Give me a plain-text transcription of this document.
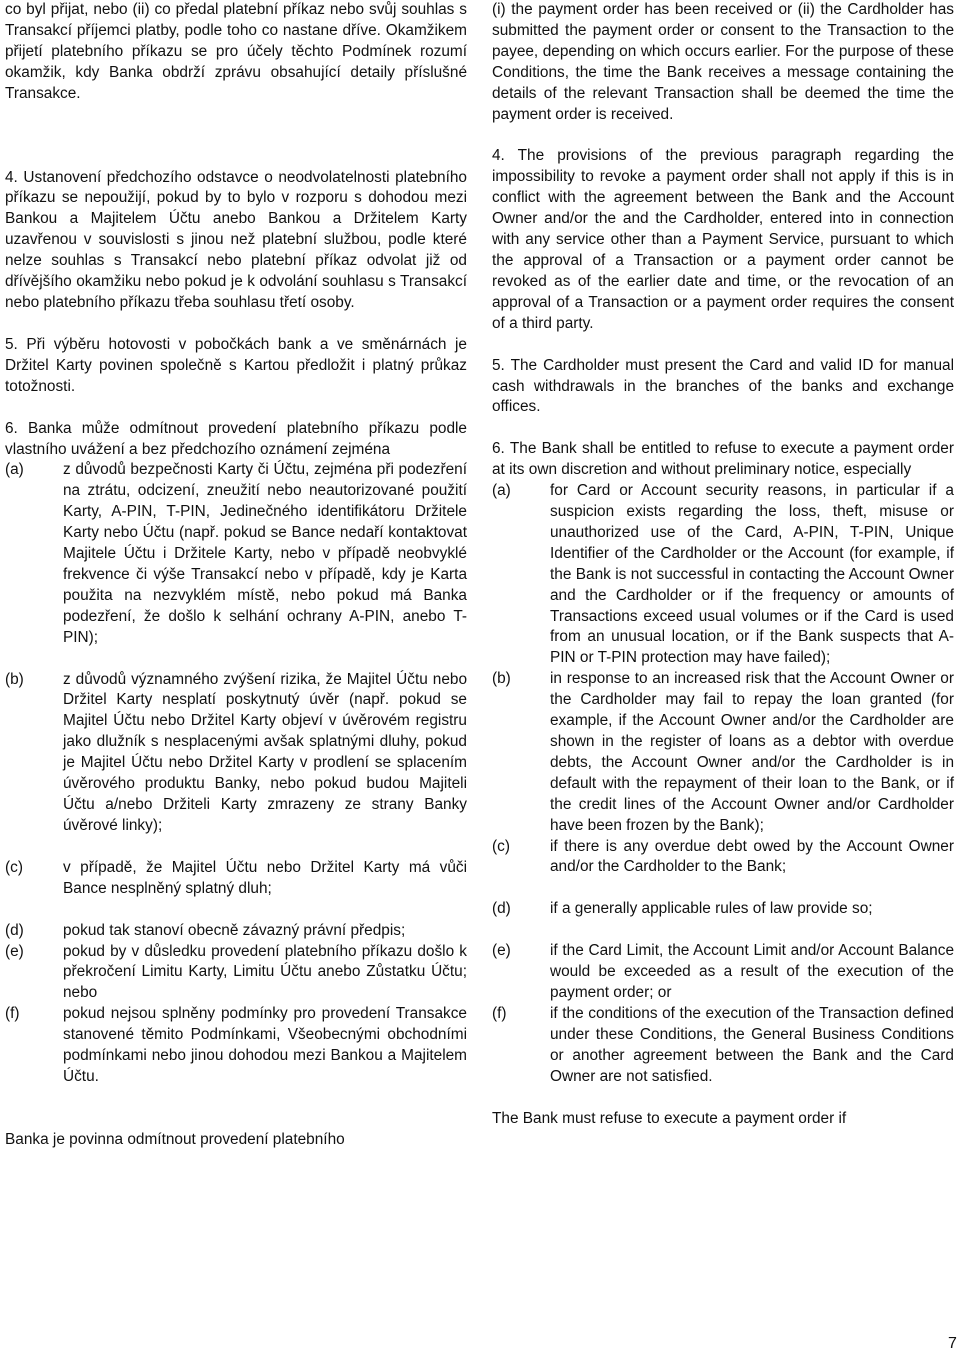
co byl přijat, nebo (ii) co předal platební příkaz nebo svůj souhlas s Transakcí příjemci platby, podle toho co nastane dříve. Okamžikem přijetí platebního příkazu se pro účely těchto Podmínek rozumí okamžik, kdy Banka obdrží zprávu obsahující detaily příslušné Transakce.

4. Ustanovení předchozího odstavce o neodvolatelnosti platebního příkazu se nepoužijí, pokud by to bylo v rozporu s dohodou mezi Bankou a Majitelem Účtu anebo Bankou a Držitelem Karty uzavřenou v souvislosti s jinou než platební službou, podle které nelze souhlas s Transakcí nebo platební příkaz odvolat již od dřívějšího okamžiku nebo pokud je k odvolání souhlasu s Transakcí nebo platebního příkazu třeba souhlasu třetí osoby.

5. Při výběru hotovosti v pobočkách bank a ve směnárnách je Držitel Karty povinen společně s Kartou předložit i platný průkaz totožnosti.

6. Banka může odmítnout provedení platebního příkazu podle vlastního uvážení a bez předchozího oznámení zejména

(a)	z důvodů bezpečnosti Karty či Účtu, zejména při podezření na ztrátu, odcizení, zneužití nebo neautorizované použití Karty, A-PIN, T-PIN, Jedinečného identifikátoru Držitele Karty nebo Účtu (např. pokud se Bance nedaří kontaktovat Majitele Účtu i Držitele Karty, nebo v případě neobvyklé frekvence či výše Transakcí nebo v případě, kdy je Karta použita na nezvyklém místě, nebo pokud má Banka podezření, že došlo k selhání ochrany A-PIN, anebo T-PIN);
(b)	z důvodů významného zvýšení rizika, že Majitel Účtu nebo Držitel Karty nesplatí poskytnutý úvěr (např. pokud se Majitel Účtu nebo Držitel Karty objeví v úvěrovém registru jako dlužník s nesplacenými avšak splatnými dluhy, pokud je Majitel Účtu nebo Držitel Karty v prodlení se splacením úvěrového produktu Banky, nebo pokud budou Majiteli Účtu a/nebo Držiteli Karty zmrazeny ze strany Banky úvěrové linky);
(c)	v případě, že Majitel Účtu nebo Držitel Karty má vůči Bance nesplněný splatný dluh;
(d)	pokud tak stanoví obecně závazný právní předpis;
(e)	pokud by v důsledku provedení platebního příkazu došlo k překročení Limitu Karty, Limitu Účtu anebo Zůstatku Účtu; nebo
(f)	pokud nejsou splněny podmínky pro provedení Transakce stanovené těmito Podmínkami, Všeobecnými obchodními podmínkami nebo jinou dohodou mezi Bankou a Majitelem Účtu.

Banka je povinna odmítnout provedení platebního

(i) the payment order has been received or (ii) the Cardholder has submitted the payment order or consent to the Transaction to the payee, depending on which occurs earlier. For the purpose of these Conditions, the time the Bank receives a message containing the details of the relevant Transaction shall be deemed the time the payment order is received.

4. The provisions of the previous paragraph regarding the impossibility to revoke a payment order shall not apply if this is in conflict with the agreement between the Bank and the Account Owner and/or the and the Cardholder, entered into in connection with any service other than a Payment Service, pursuant to which the approval of a Transaction or a payment order cannot be revoked as of the earlier date and time, or the revocation of an approval of a Transaction or a payment order requires the consent of a third party.

5. The Cardholder must present the Card and valid ID for manual cash withdrawals in the branches of the banks and exchange offices.

6. The Bank shall be entitled to refuse to execute a payment order at its own discretion and without preliminary notice, especially

(a)	for Card or Account security reasons, in particular if a suspicion exists regarding the loss, theft, misuse or unauthorized use of the Card, A-PIN, T-PIN, Unique Identifier of the Cardholder or the Account (for example, if the Bank is not successful in contacting the Account Owner and the Cardholder or if the frequency or amounts of Transactions exceed usual volumes or if the Card is used from an unusual location, or if the Bank suspects that A-PIN or T-PIN protection may have failed);
(b)	in response to an increased risk that the Account Owner or the Cardholder may fail to repay the loan granted (for example, if the Account Owner and/or the Cardholder are shown in the register of loans as a debtor with overdue debts, the Account Owner and/or the Cardholder is in default with the repayment of their loan to the Bank, or if the credit lines of the Account Owner and/or Cardholder have been frozen by the Bank);
(c)	if there is any overdue debt owed by the Account Owner and/or the Cardholder to the Bank;
(d)	if a generally applicable rules of law provide so;
(e)	if the Card Limit, the Account Limit and/or Account Balance would be exceeded as a result of the execution of the payment order; or
(f)	if the conditions of the execution of the Transaction defined under these Conditions, the General Business Conditions or another agreement between the Bank and the Card Owner are not satisfied.

The Bank must refuse to execute a payment order if

7
